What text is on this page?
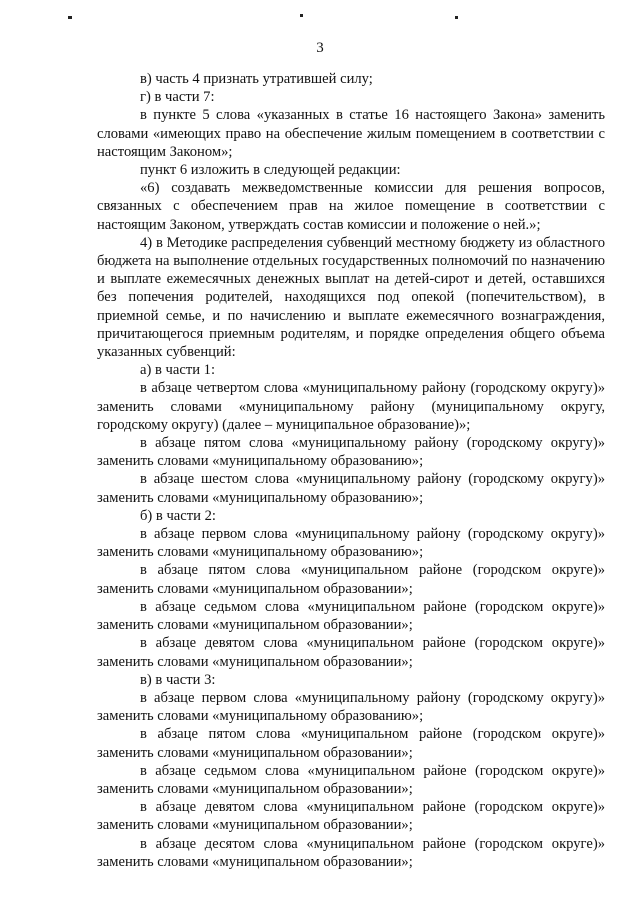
3

в) часть 4 признать утратившей силу;

г) в части 7:

в пункте 5 слова «указанных в статье 16 настоящего Закона» заменить словами «имеющих право на обеспечение жилым помещением в соответствии с настоящим Законом»;

пункт 6 изложить в следующей редакции:

«6) создавать межведомственные комиссии для решения вопросов, связанных с обеспечением прав на жилое помещение в соответствии с настоящим Законом, утверждать состав комиссии и положение о ней.»;

4) в Методике распределения субвенций местному бюджету из областного бюджета на выполнение отдельных государственных полномочий по назначению и выплате ежемесячных денежных выплат на детей-сирот и детей, оставшихся без попечения родителей, находящихся под опекой (попечительством), в приемной семье, и по начислению и выплате ежемесячного вознаграждения, причитающегося приемным родителям, и порядке определения общего объема указанных субвенций:

а) в части 1:

в абзаце четвертом слова «муниципальному району (городскому округу)» заменить словами «муниципальному району (муниципальному округу, городскому округу) (далее – муниципальное образование)»;

в абзаце пятом слова «муниципальному району (городскому округу)» заменить словами «муниципальному образованию»;

в абзаце шестом слова «муниципальному району (городскому округу)» заменить словами «муниципальному образованию»;

б) в части 2:

в абзаце первом слова «муниципальному району (городскому округу)» заменить словами «муниципальному образованию»;

в абзаце пятом слова «муниципальном районе (городском округе)» заменить словами «муниципальном образовании»;

в абзаце седьмом слова «муниципальном районе (городском округе)» заменить словами «муниципальном образовании»;

в абзаце девятом слова «муниципальном районе (городском округе)» заменить словами «муниципальном образовании»;

в) в части 3:

в абзаце первом слова «муниципальному району (городскому округу)» заменить словами «муниципальному образованию»;

в абзаце пятом слова «муниципальном районе (городском округе)» заменить словами «муниципальном образовании»;

в абзаце седьмом слова «муниципальном районе (городском округе)» заменить словами «муниципальном образовании»;

в абзаце девятом слова «муниципальном районе (городском округе)» заменить словами «муниципальном образовании»;

в абзаце десятом слова «муниципальном районе (городском округе)» заменить словами «муниципальном образовании»;
